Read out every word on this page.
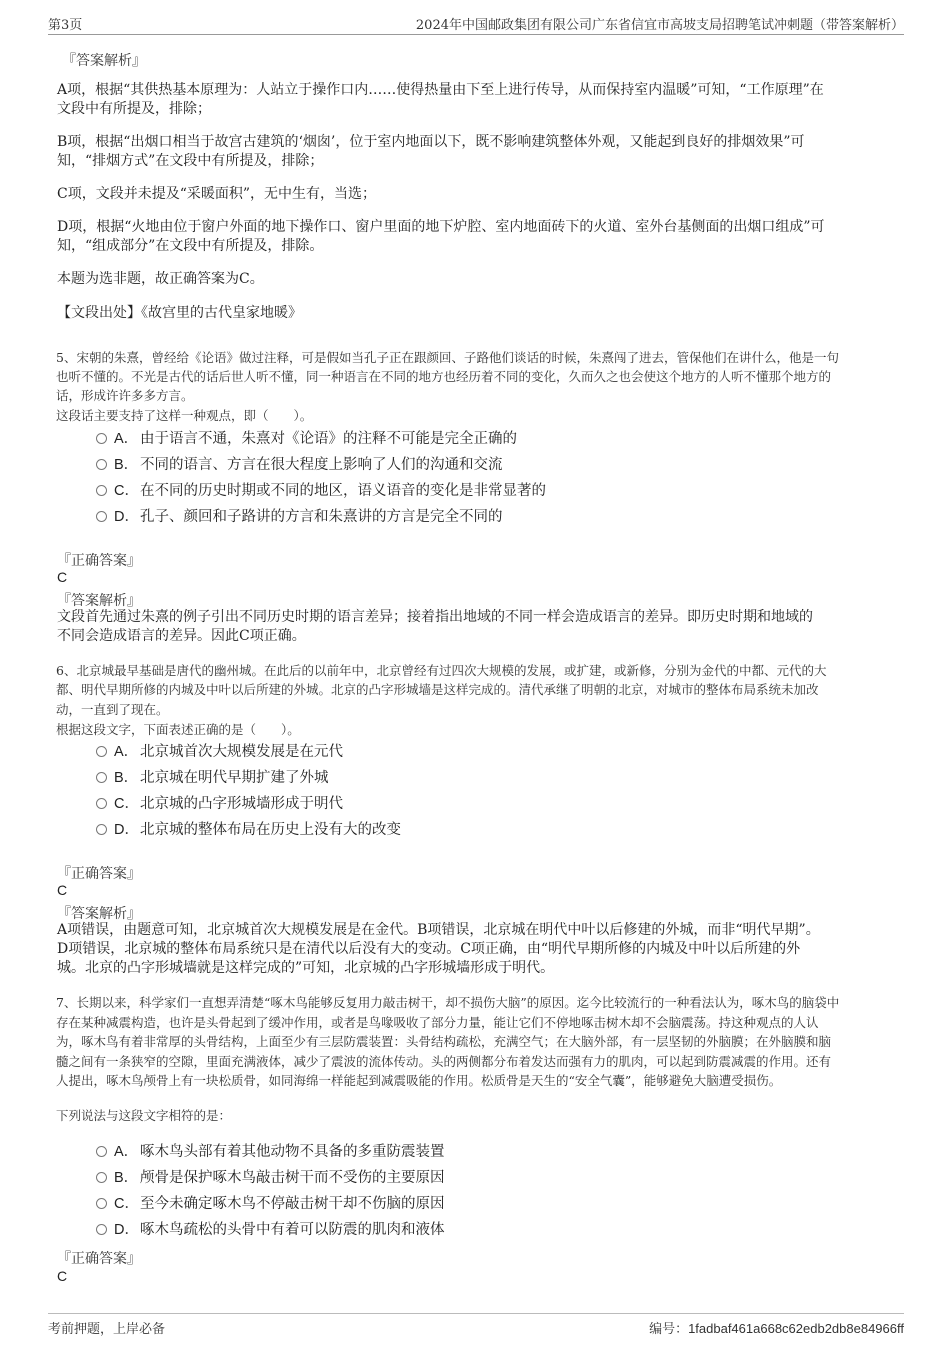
第3页	2024年中国邮政集团有限公司广东省信宜市高坡支局招聘笔试冲刺题（带答案解析）
『答案解析』
A项，根据“其供热基本原理为：人站立于操作口内……使得热量由下至上进行传导，从而保持室内温暖”可知，“工作原理”在
文段中有所提及，排除；
B项，根据“出烟口相当于故宫古建筑的‘烟囱’，位于室内地面以下，既不影响建筑整体外观，又能起到良好的排烟效果”可
知，“排烟方式”在文段中有所提及，排除；
C项，文段并未提及“采暖面积”，无中生有，当选；
D项，根据“火地由位于窗户外面的地下操作口、窗户里面的地下炉腔、室内地面砖下的火道、室外台基侧面的出烟口组成”可
知，“组成部分”在文段中有所提及，排除。
本题为选非题，故正确答案为C。
【文段出处】《故宫里的古代皇家地暖》
5、宋朝的朱熹，曾经给《论语》做过注释，可是假如当孔子正在跟颜回、子路他们谈话的时候，朱熹闯了进去，管保他们在讲什么，他是一句
也听不懂的。不光是古代的话后世人听不懂，同一种语言在不同的地方也经历着不同的变化，久而久之也会使这个地方的人听不懂那个地方的
话，形成许许多多方言。
这段话主要支持了这样一种观点，即（　　）。
A． 由于语言不通，朱熹对《论语》的注释不可能是完全正确的
B． 不同的语言、方言在很大程度上影响了人们的沟通和交流
C．在不同的历史时期或不同的地区，语义语音的变化是非常显著的
D．孔子、颜回和子路讲的方言和朱熹讲的方言是完全不同的
『正确答案』
C
『答案解析』
文段首先通过朱熹的例子引出不同历史时期的语言差异；接着指出地域的不同一样会造成语言的差异。即历史时期和地域的
不同会造成语言的差异。因此C项正确。
6、北京城最早基础是唐代的幽州城。在此后的以前年中，北京曾经有过四次大规模的发展，或扩建，或新修，分别为金代的中都、元代的大
都、明代早期所修的内城及中叶以后所建的外城。北京的凸字形城墙是这样完成的。清代承继了明朝的北京，对城市的整体布局系统未加改
动，一直到了现在。
根据这段文字，下面表述正确的是（　　）。
A． 北京城首次大规模发展是在元代
B． 北京城在明代早期扩建了外城
C．北京城的凸字形城墙形成于明代
D．北京城的整体布局在历史上没有大的改变
『正确答案』
C
『答案解析』
A项错误，由题意可知，北京城首次大规模发展是在金代。B项错误，北京城在明代中叶以后修建的外城，而非“明代早期”。
D项错误，北京城的整体布局系统只是在清代以后没有大的变动。C项正确，由“明代早期所修的内城及中叶以后所建的外
城。北京的凸字形城墙就是这样完成的”可知，北京城的凸字形城墙形成于明代。
7、长期以来，科学家们一直想弄清楚“啄木鸟能够反复用力敲击树干，却不损伤大脑”的原因。迄今比较流行的一种看法认为，啄木鸟的脑袋中
存在某种减震构造，也许是头骨起到了缓冲作用，或者是鸟喙吸收了部分力量，能让它们不停地啄击树木却不会脑震荡。持这种观点的人认
为，啄木鸟有着非常厚的头骨结构，上面至少有三层防震装置：头骨结构疏松，充满空气；在大脑外部，有一层坚韧的外脑膜；在外脑膜和脑
髓之间有一条狭窄的空隙，里面充满液体，减少了震波的流体传动。头的两侧都分布着发达而强有力的肌肉，可以起到防震减震的作用。还有
人提出，啄木鸟颅骨上有一块松质骨，如同海绵一样能起到减震吸能的作用。松质骨是天生的“安全气囊”，能够避免大脑遭受损伤。
下列说法与这段文字相符的是：
A． 啄木鸟头部有着其他动物不具备的多重防震装置
B． 颅骨是保护啄木鸟敲击树干而不受伤的主要原因
C．至今未确定啄木鸟不停敲击树干却不伤脑的原因
D．啄木鸟疏松的头骨中有着可以防震的肌肉和液体
『正确答案』
C
考前押题，上岸必备	编号：1fadbaf461a668c62edb2db8e84966ff
